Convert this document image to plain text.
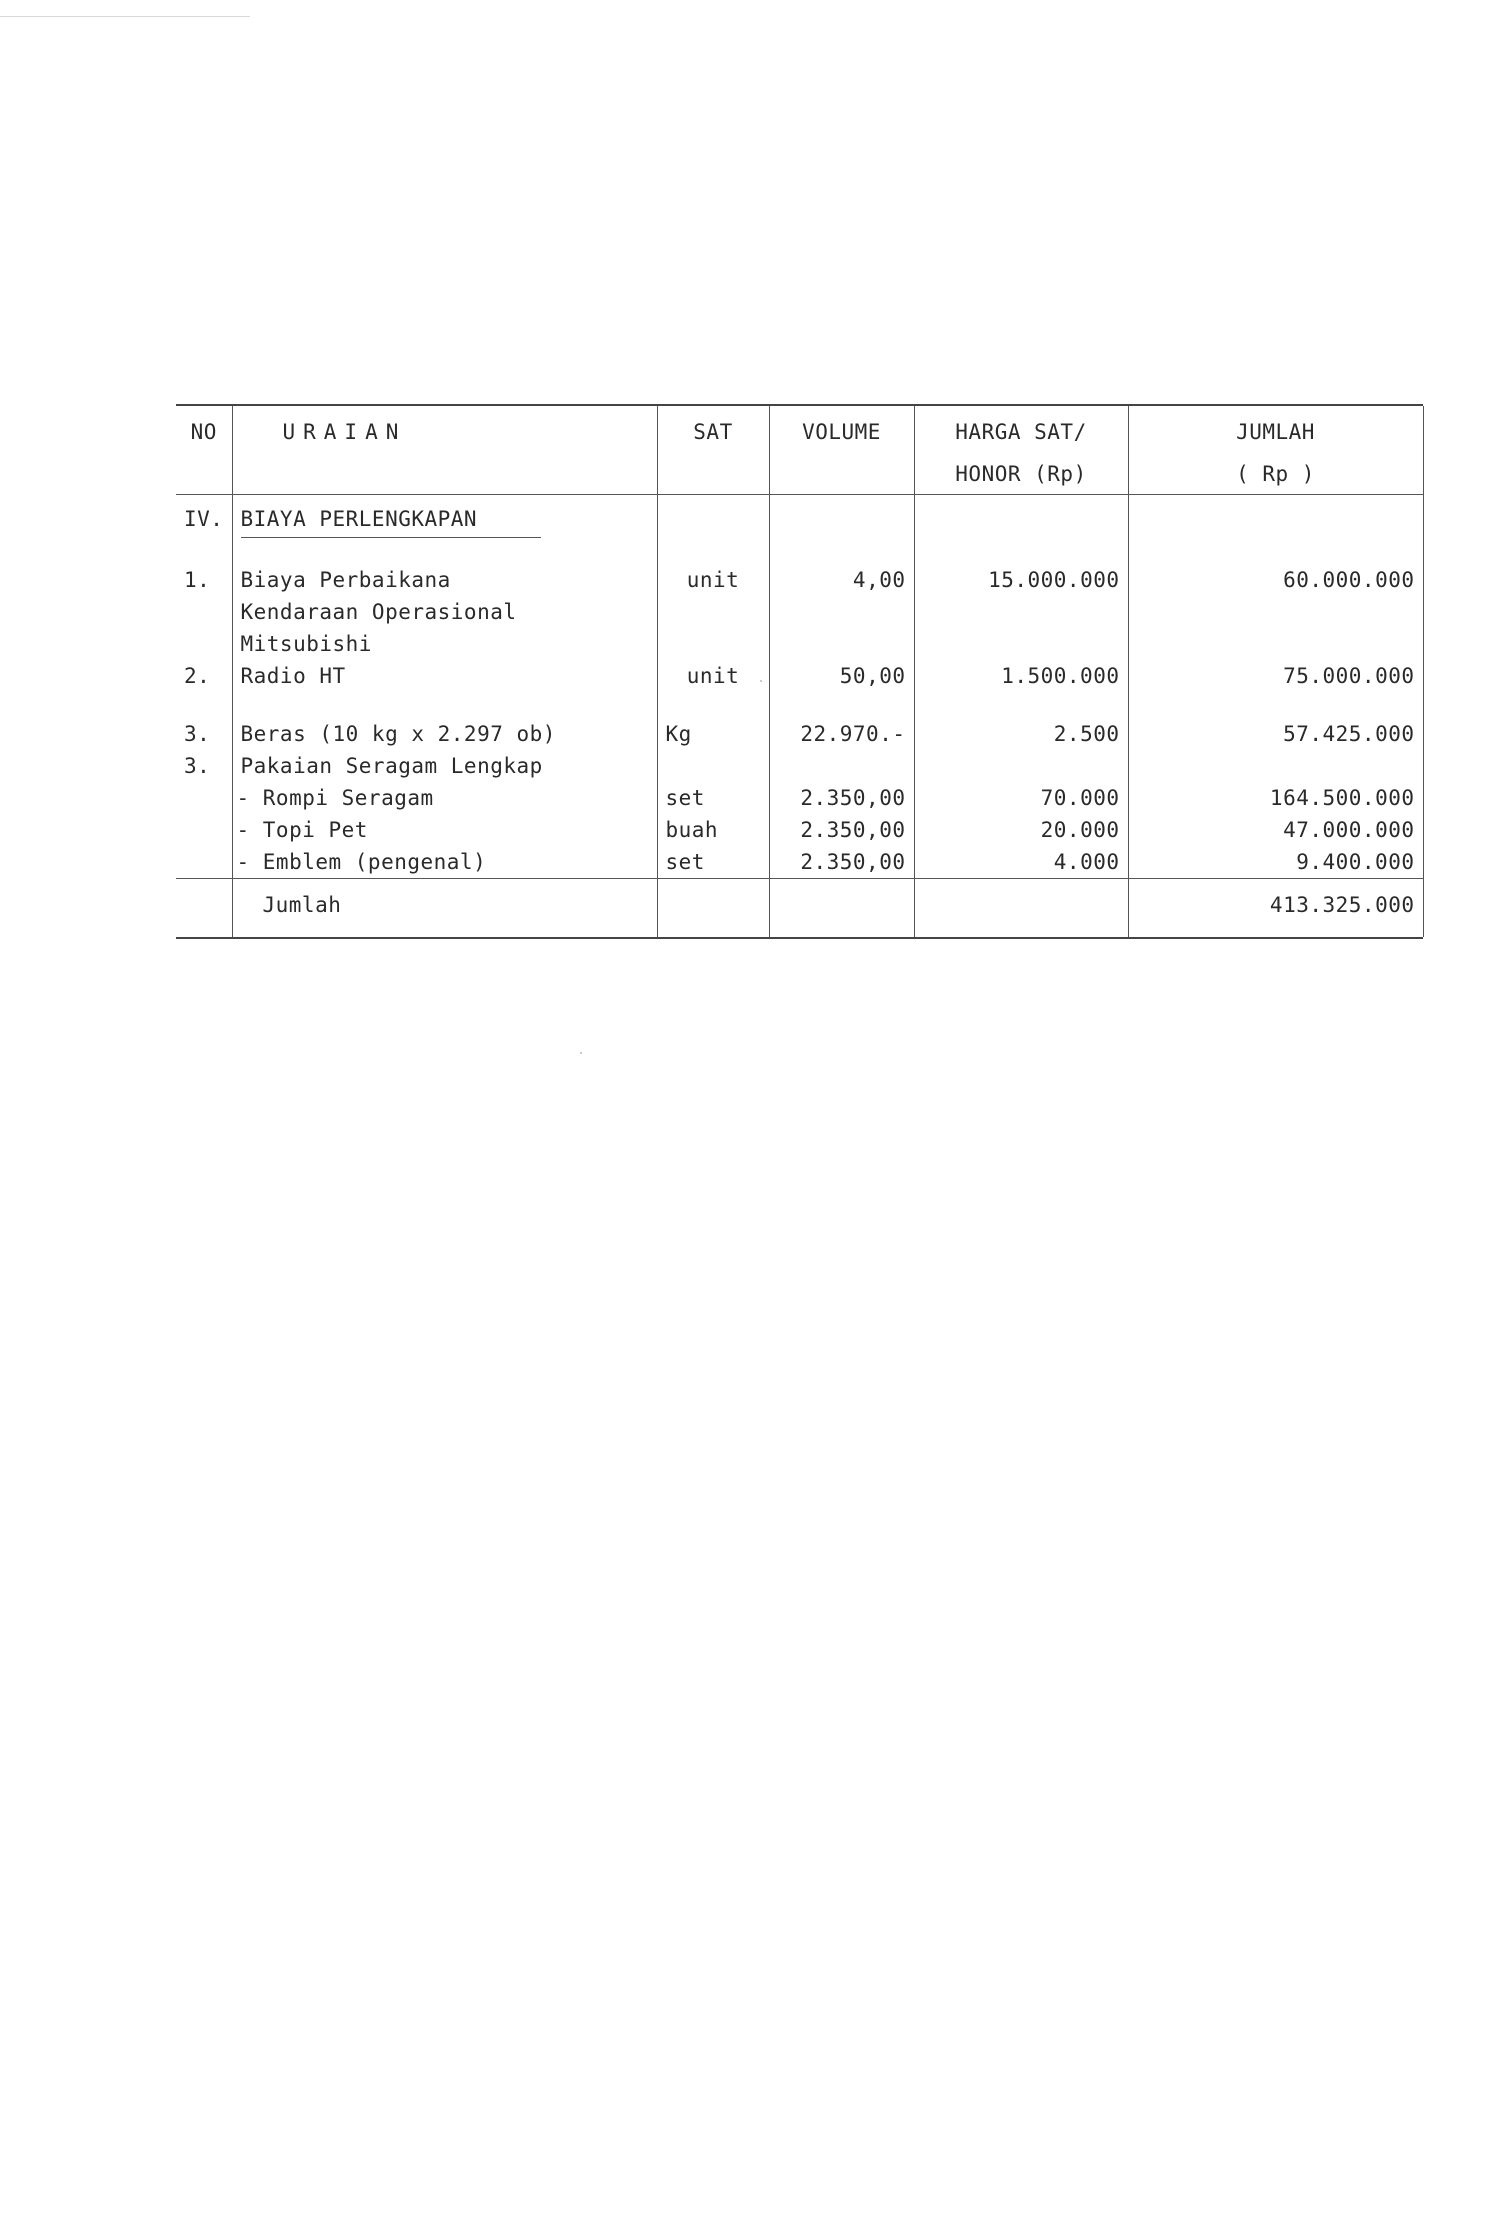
NO	URAIAN	SAT	VOLUME	HARGA SAT/	JUMLAH
				HONOR (Rp)	( Rp )
IV.	BIAYA PERLENGKAPAN				

1.	Biaya Perbaikana	unit	4,00	15.000.000	60.000.000
	Kendaraan Operasional				
	Mitsubishi				
2.	Radio HT	unit	50,00	1.500.000	75.000.000

3.	Beras (10 kg x 2.297 ob)	Kg	22.970.-	2.500	57.425.000
3.	Pakaian Seragam Lengkap				
	- Rompi Seragam	set	2.350,00	70.000	164.500.000
	- Topi Pet	buah	2.350,00	20.000	47.000.000
	- Emblem (pengenal)	set	2.350,00	4.000	9.400.000
	Jumlah				413.325.000
